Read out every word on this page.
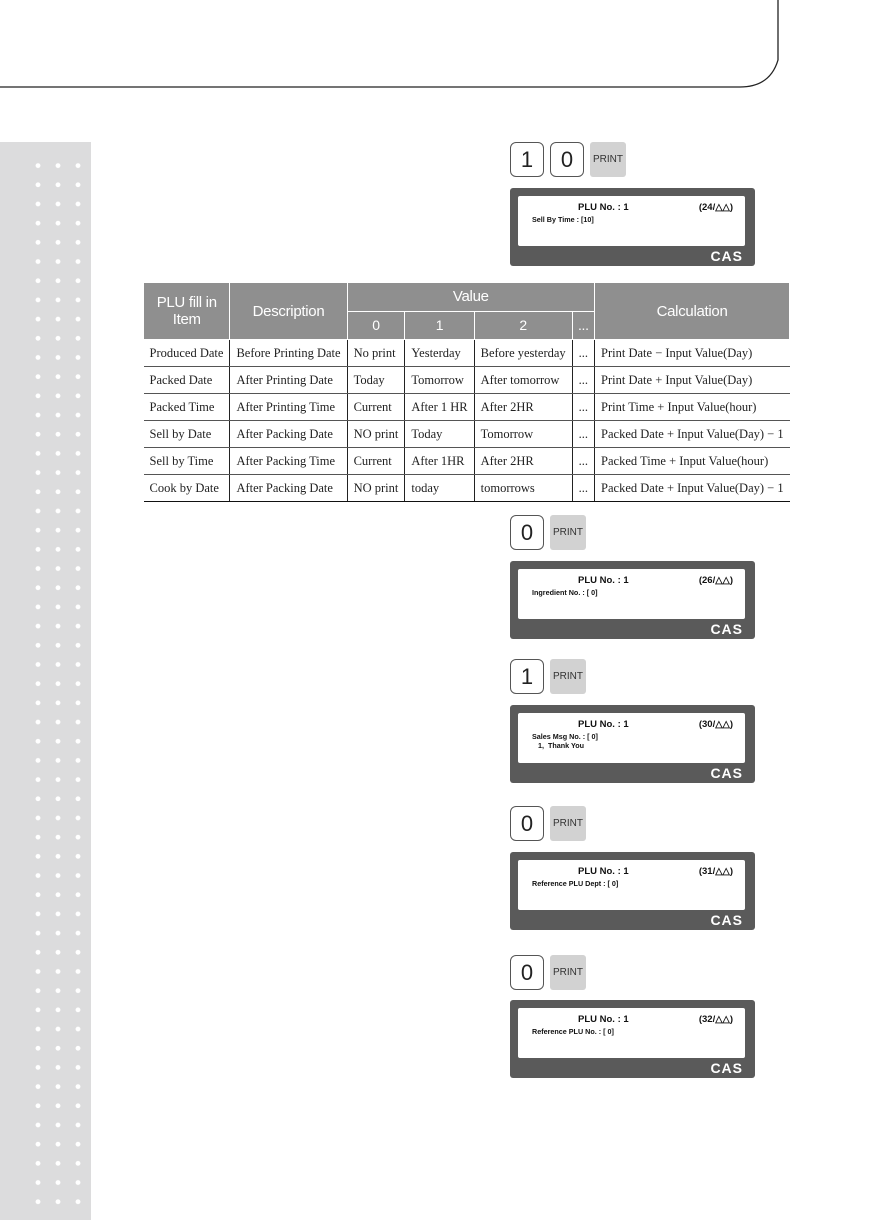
1	0	PRINT
PLU No. : 1	(24/△△)
Sell By Time : [10]
CAS
PLU fill in Item	Description	Value				Calculation
		0	1	2	...	
Produced Date	Before Printing Date	No print	Yesterday	Before yesterday	...	Print Date − Input Value(Day)
Packed Date	After Printing Date	Today	Tomorrow	After tomorrow	...	Print Date + Input Value(Day)
Packed Time	After Printing Time	Current	After 1 HR	After 2HR	...	Print Time + Input Value(hour)
Sell by Date	After Packing Date	NO print	Today	Tomorrow	...	Packed Date + Input Value(Day) − 1
Sell by Time	After Packing Time	Current	After 1HR	After 2HR	...	Packed Time + Input Value(hour)
Cook by Date	After Packing Date	NO print	today	tomorrows	...	Packed Date + Input Value(Day) − 1
0	PRINT
PLU No. : 1	(26/△△)
Ingredient No. : [ 0]
CAS
1	PRINT
PLU No. : 1	(30/△△)
Sales Msg No. : [ 0]
1,  Thank You
CAS
0	PRINT
PLU No. : 1	(31/△△)
Reference PLU Dept : [ 0]
CAS
0	PRINT
PLU No. : 1	(32/△△)
Reference PLU No. : [ 0]
CAS
